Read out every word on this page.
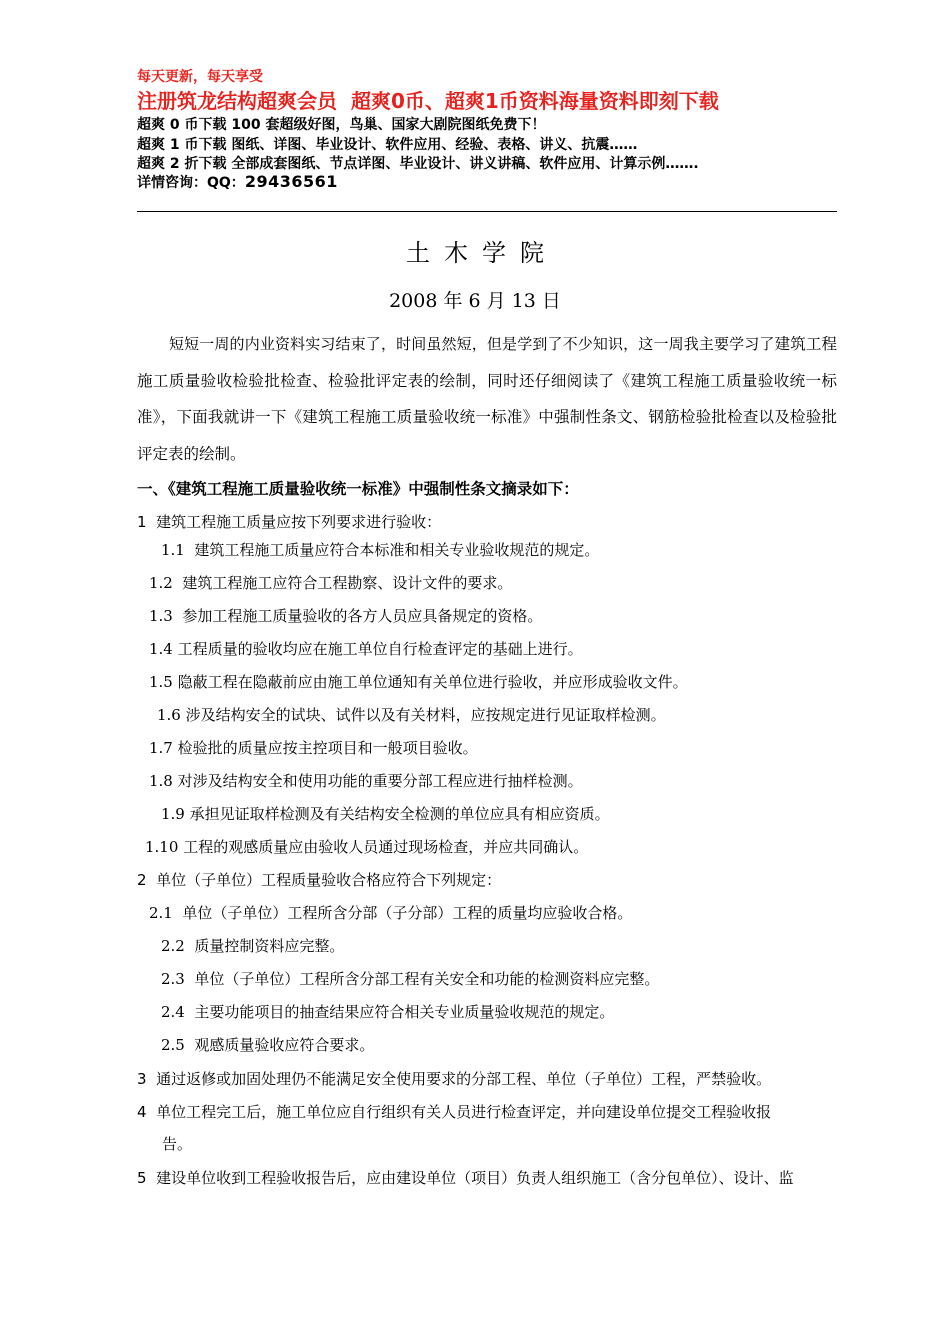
每天更新，每天享受
注册筑龙结构超爽会员 超爽0币、超爽1币资料海量资料即刻下载
超爽 0 币下载 100 套超级好图，鸟巢、国家大剧院图纸免费下！
超爽 1 币下载 图纸、详图、毕业设计、软件应用、经验、表格、讲义、抗震……
超爽 2 折下载 全部成套图纸、节点详图、毕业设计、讲义讲稿、软件应用、计算示例…….
详情咨询：QQ：29436561
土木学院
2008 年 6 月 13 日
短短一周的内业资料实习结束了，时间虽然短，但是学到了不少知识，这一周我主要学习了建筑工程施工质量验收检验批检查、检验批评定表的绘制，同时还仔细阅读了《建筑工程施工质量验收统一标准》，下面我就讲一下《建筑工程施工质量验收统一标准》中强制性条文、钢筋检验批检查以及检验批评定表的绘制。
一、《建筑工程施工质量验收统一标准》中强制性条文摘录如下：
1 建筑工程施工质量应按下列要求进行验收：
1.1 建筑工程施工质量应符合本标准和相关专业验收规范的规定。
1.2 建筑工程施工应符合工程勘察、设计文件的要求。
1.3 参加工程施工质量验收的各方人员应具备规定的资格。
1.4 工程质量的验收均应在施工单位自行检查评定的基础上进行。
1.5 隐蔽工程在隐蔽前应由施工单位通知有关单位进行验收，并应形成验收文件。
1.6 涉及结构安全的试块、试件以及有关材料，应按规定进行见证取样检测。
1.7 检验批的质量应按主控项目和一般项目验收。
1.8 对涉及结构安全和使用功能的重要分部工程应进行抽样检测。
1.9 承担见证取样检测及有关结构安全检测的单位应具有相应资质。
1.10 工程的观感质量应由验收人员通过现场检查，并应共同确认。
2 单位（子单位）工程质量验收合格应符合下列规定：
2.1 单位（子单位）工程所含分部（子分部）工程的质量均应验收合格。
2.2 质量控制资料应完整。
2.3 单位（子单位）工程所含分部工程有关安全和功能的检测资料应完整。
2.4 主要功能项目的抽查结果应符合相关专业质量验收规范的规定。
2.5 观感质量验收应符合要求。
3 通过返修或加固处理仍不能满足安全使用要求的分部工程、单位（子单位）工程，严禁验收。
4 单位工程完工后，施工单位应自行组织有关人员进行检查评定，并向建设单位提交工程验收报
告。
5 建设单位收到工程验收报告后，应由建设单位（项目）负责人组织施工（含分包单位）、设计、监
